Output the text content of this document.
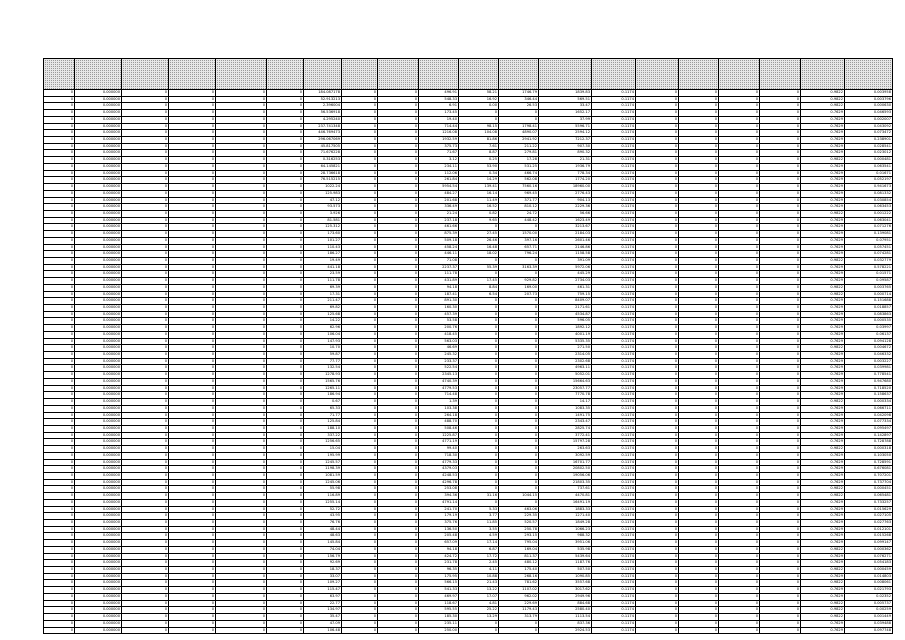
0	0.000000	0	0	0	0	184.087178	0	0	496.91	58.21	1746.79	1839.83	0.1174	0	0	0	0	0.9822	0.003958
0	0.000000	0	0	0	0	52.913213	0	0	548.33	16.92	346.44	569.51	0.1174	0	0	0	0	0.9822	0.003796
0	0.000000	0	0	0	0	2.396004	0	0	6.91	0.00	26.53	33.47	0.1174	0	0	0	0	0.9822	0.000630
0	0.000000	0	0	0	0	56.536918	0	0	173.45	0	0	1652.17	0.1174	0	0	0	0	0.7629	0.046593
0	0.000000	0	0	0	0	4.295240	0	0	19.40	0	0	37.99	0.1174	0	0	0	0	0.7629	0.002007
0	0.000000	0	0	0	0	237.741348	0	0	714.44	98.15	1798.41	5596.71	0.1174	0	0	0	0	0.7629	0.043092
0	0.000000	0	0	0	0	446.769473	0	0	1216.08	104.08	4890.07	2594.12	0.1174	0	0	0	0	0.7629	0.073472
0	0.000000	0	0	0	0	296.067069	0	0	1932.59	81.86	2941.92	7212.37	0.1174	0	0	0	0	0.7629	0.238901
0	0.000000	0	0	0	0	45.817505	0	0	375.73	7.61	211.22	907.30	0.1174	0	0	0	0	0.7629	0.028541
0	0.000000	0	0	0	0	71.676228	0	0	71.67	8.87	279.81	890.32	0.1174	0	0	0	0	0.7629	0.023012
0	0.000000	0	0	0	0	0.316253	0	0	3.12	0.25	17.28	21.31	0.1174	0	0	0	0	0.9822	0.000481
0	0.000000	0	0	0	0	64.145821	0	0	234.11	53.90	531.25	1936.79	0.1174	0	0	0	0	0.7629	0.063541
0	0.000000	0	0	0	0	28.736618	0	0	112.06	0.34	466.74	778.34	0.1174	0	0	0	0	0.7629	0.01671
0	0.000000	0	0	0	0	76.515215	0	0	261.84	14.29	562.08	1774.20	0.1174	0	0	0	0	0.7629	0.052197
0	0.000000	0	0	0	0	1022.24	0	0	5954.54	139.41	7560.16	18960.00	0.1174	0	0	0	0	0.7629	0.941673
0	0.000000	0	0	0	0	125.983	0	0	484.27	16.14	969.45	2776.43	0.1174	0	0	0	0	0.7629	0.081332
0	0.000000	0	0	0	0	47.12	0	0	201.68	11.49	371.77	904.13	0.1174	0	0	0	0	0.7629	0.030854
0	0.000000	0	0	0	0	93.573	0	0	336.49	16.52	810.12	2229.36	0.1174	0	0	0	0	0.7629	0.063453
0	0.000000	0	0	0	0	3.926	0	0	21.24	0.82	24.72	56.66	0.1174	0	0	0	0	0.9822	0.001222
0	0.000000	0	0	0	0	81.581	0	0	237.18	9.65	448.42	1623.49	0.1174	0	0	0	0	0.7629	0.063041
0	0.000000	0	0	0	0	125.312	0	0	461.66	0	0	3213.67	0.1174	0	0	0	0	0.7629	0.071276
0	0.000000	0	0	0	0	173.60	0	0	875.39	27.45	1570.00	2184.03	0.1174	0	0	0	0	0.7629	0.139081
0	0.000000	0	0	0	0	101.27	0	0	509.18	26.46	397.16	2601.46	0.1174	0	0	0	0	0.7629	0.07951
0	0.000000	0	0	0	0	110.43	0	0	458.24	16.48	657.71	2146.86	0.1174	0	0	0	0	0.7629	0.057451
0	0.000000	0	0	0	0	186.27	0	0	446.11	18.02	796.24	1158.58	0.1174	0	0	0	0	0.7629	0.074281
0	0.000000	0	0	0	0	19.49	0	0	71.08	0	0	391.09	0.1174	0	0	0	0	0.9822	0.032779
0	0.000000	0	0	0	0	441.18	0	0	2237.37	55.39	3163.39	5972.06	0.1174	0	0	0	0	0.7629	0.578221
0	0.000000	0	0	0	0	23.59	0	0	111.78	0	0	445.29	0.1174	0	0	0	0	0.7629	0.01571
0	0.000000	0	0	0	0	111.78	0	0	431.89	17.45	929.82	2734.03	0.1174	0	0	0	0	0.7629	0.09587
0	0.000000	0	0	0	0	69.39	0	0	94.18	8.84	169.00	461.31	0.1174	0	0	0	0	0.9822	0.003765
0	0.000000	0	0	0	0	17.31	0	0	187.41	6.54	207.73	759.15	0.1174	0	0	0	0	0.9822	0.000714
0	0.000000	0	0	0	0	211.47	0	0	891.30	0	0	8409.07	0.1174	0	0	0	0	0.7629	0.151688
0	0.000000	0	0	0	0	69.82	0	0	160.30	0	0	2171.61	0.1174	0	0	0	0	0.7629	0.018857
0	0.000000	0	0	0	0	125.68	0	0	457.39	0	0	4534.87	0.1174	0	0	0	0	0.7629	0.083863
0	0.000000	0	0	0	0	14.22	0	0	53.58	0	0	596.05	0.1174	0	0	0	0	0.7629	0.000535
0	0.000000	0	0	0	0	62.96	0	0	200.76	0	0	1892.12	0.1174	0	0	0	0	0.7629	0.03997
0	0.000000	0	0	0	0	106.04	0	0	418.45	0	0	4001.19	0.1174	0	0	0	0	0.7629	0.06137
0	0.000000	0	0	0	0	147.93	0	0	563.03	0	0	5335.35	0.1174	0	0	0	0	0.7629	0.094128
0	0.000000	0	0	0	0	10.70	0	0	46.69	0	0	271.50	0.1174	0	0	0	0	0.9822	0.004672
0	0.000000	0	0	0	0	59.87	0	0	245.32	0	0	2314.05	0.1174	0	0	0	0	0.7629	0.046332
0	0.000000	0	0	0	0	77.77	0	0	233.37	0	0	2302.68	0.1174	0	0	0	0	0.7629	0.003227
0	0.000000	0	0	0	0	132.54	0	0	522.54	0	0	4963.11	0.1174	0	0	0	0	0.7629	0.039981
0	0.000000	0	0	0	0	1278.93	0	0	2345.13	0	0	5052.01	0.1174	0	0	0	0	0.7629	0.778541
0	0.000000	0	0	0	0	1565.76	0	0	4740.39	0	0	15664.63	0.1174	0	0	0	0	0.7629	0.947680
0	0.000000	0	0	0	0	1265.11	0	0	4779.53	0	0	23057.77	0.1174	0	0	0	0	0.7629	0.718520
0	0.000000	0	0	0	0	186.94	0	0	714.48	0	0	7770.78	0.1174	0	0	0	0	0.7629	0.158637
0	0.000000	0	0	0	0	0.67	0	0	1.39	0	0	14.17	0.1174	0	0	0	0	0.9822	0.000334
0	0.000000	0	0	0	0	65.33	0	0	103.38	0	0	1083.35	0.1174	0	0	0	0	0.7629	0.066711
0	0.000000	0	0	0	0	71.77	0	0	264.18	0	0	1491.75	0.1174	0	0	0	0	0.7629	0.042098
0	0.000000	0	0	0	0	125.84	0	0	488.70	0	0	2343.47	0.1174	0	0	0	0	0.7629	0.077334
0	0.000000	0	0	0	0	188.10	0	0	508.46	0	0	2825.74	0.1174	0	0	0	0	0.7629	0.095497
0	0.000000	0	0	0	0	337.22	0	0	1225.87	0	0	3772.41	0.1174	0	0	0	0	0.7629	0.142897
0	0.000000	0	0	0	0	1256.65	0	0	4771.19	0	0	15797.28	0.1174	0	0	0	0	0.7629	0.728788
0	0.000000	0	0	0	0	15.04	0	0	99.40	0	0	263.63	0.1174	0	0	0	0	0.9822	0.000318
0	0.000000	0	0	0	0	195.99	0	0	718.30	0	0	3092.59	0.1174	0	0	0	0	0.7629	0.103050
0	0.000000	0	0	0	0	1245.57	0	0	4779.33	0	0	16701.77	0.1174	0	0	0	0	0.7629	0.728591
0	0.000000	0	0	0	0	1198.39	0	0	4379.03	0	0	20802.50	0.1174	0	0	0	0	0.7629	0.676081
0	0.000000	0	0	0	0	1081.59	0	0	4248.53	0	0	19056.06	0.1174	0	0	0	0	0.7629	0.707201
0	0.000000	0	0	0	0	1245.06	0	0	4296.78	0	0	21803.35	0.1174	0	0	0	0	0.7629	0.737704
0	0.000000	0	0	0	0	55.98	0	0	253.08	0	0	737.61	0.1174	0	0	0	0	0.9822	0.000451
0	0.000000	0	0	0	0	116.89	0	0	394.36	31.16	1044.15	4470.81	0.1174	0	0	0	0	0.9822	0.065481
0	0.000000	0	0	0	0	1255.14	0	0	4791.14	0	0	16491.19	0.1174	0	0	0	0	0.7629	0.733257
0	0.000000	0	0	0	0	52.72	0	0	241.70	5.33	463.06	1883.33	0.1174	0	0	0	0	0.7629	0.015629
0	0.000000	0	0	0	0	43.95	0	0	179.19	3.77	229.35	1271.40	0.1174	0	0	0	0	0.7629	0.027105
0	0.000000	0	0	0	0	76.76	0	0	375.76	11.85	520.57	1849.28	0.1174	0	0	0	0	0.7629	0.027763
0	0.000000	0	0	0	0	48.44	0	0	136.50	3.55	250.78	1066.23	0.1174	0	0	0	0	0.7629	0.012101
0	0.000000	0	0	0	0	48.63	0	0	205.48	4.59	293.15	988.32	0.1174	0	0	0	0	0.7629	0.015268
0	0.000000	0	0	0	0	145.84	0	0	657.09	17.14	795.04	3951.06	0.1174	0	0	0	0	0.7629	0.099147
0	0.000000	0	0	0	0	74.04	0	0	94.18	6.87	169.04	535.98	0.1174	0	0	0	0	0.9822	0.000362
0	0.000000	0	0	0	0	156.79	0	0	424.72	17.72	811.37	5439.64	0.1174	0	0	0	0	0.7629	0.076271
0	0.000000	0	0	0	0	92.69	0	0	231.78	2.45	480.12	1187.76	0.1174	0	0	0	0	0.7629	0.054183
0	0.000000	0	0	0	0	18.37	0	0	96.35	4.11	175.40	507.50	0.1174	0	0	0	0	0.9822	0.000459
0	0.000000	0	0	0	0	33.07	0	0	175.95	10.88	268.16	1090.85	0.1174	0	0	0	0	0.7629	0.014803
0	0.000000	0	0	0	0	109.27	0	0	566.15	21.43	781.62	3557.68	0.1174	0	0	0	0	0.9822	0.008061
0	0.000000	0	0	0	0	115.47	0	0	541.33	13.22	1107.02	3017.62	0.1174	0	0	0	0	0.7629	0.021793
0	0.000000	0	0	0	0	63.97	0	0	469.97	17.07	962.02	2949.96	0.1174	0	0	0	0	0.7629	0.02352
0	0.000000	0	0	0	0	22.77	0	0	118.67	4.81	229.69	884.68	0.1174	0	0	0	0	0.9822	0.005737
0	0.000000	0	0	0	0	134.97	0	0	595.55	25.22	1179.43	2580.40	0.1174	0	0	0	0	0.9822	0.00259
0	0.000000	0	0	0	0	35.47	0	0	185.30	13.29	313.79	1113.54	0.1174	0	0	0	0	0.9822	0.001449
0	0.000000	0	0	0	0	47.09	0	0	235.11	0	0	837.36	0.1174	0	0	0	0	0.7629	0.039488
0	0.000000	0	0	0	0	106.48	0	0	250.00	0	0	2924.53	0.1174	0	0	0	0	0.7629	0.097748
